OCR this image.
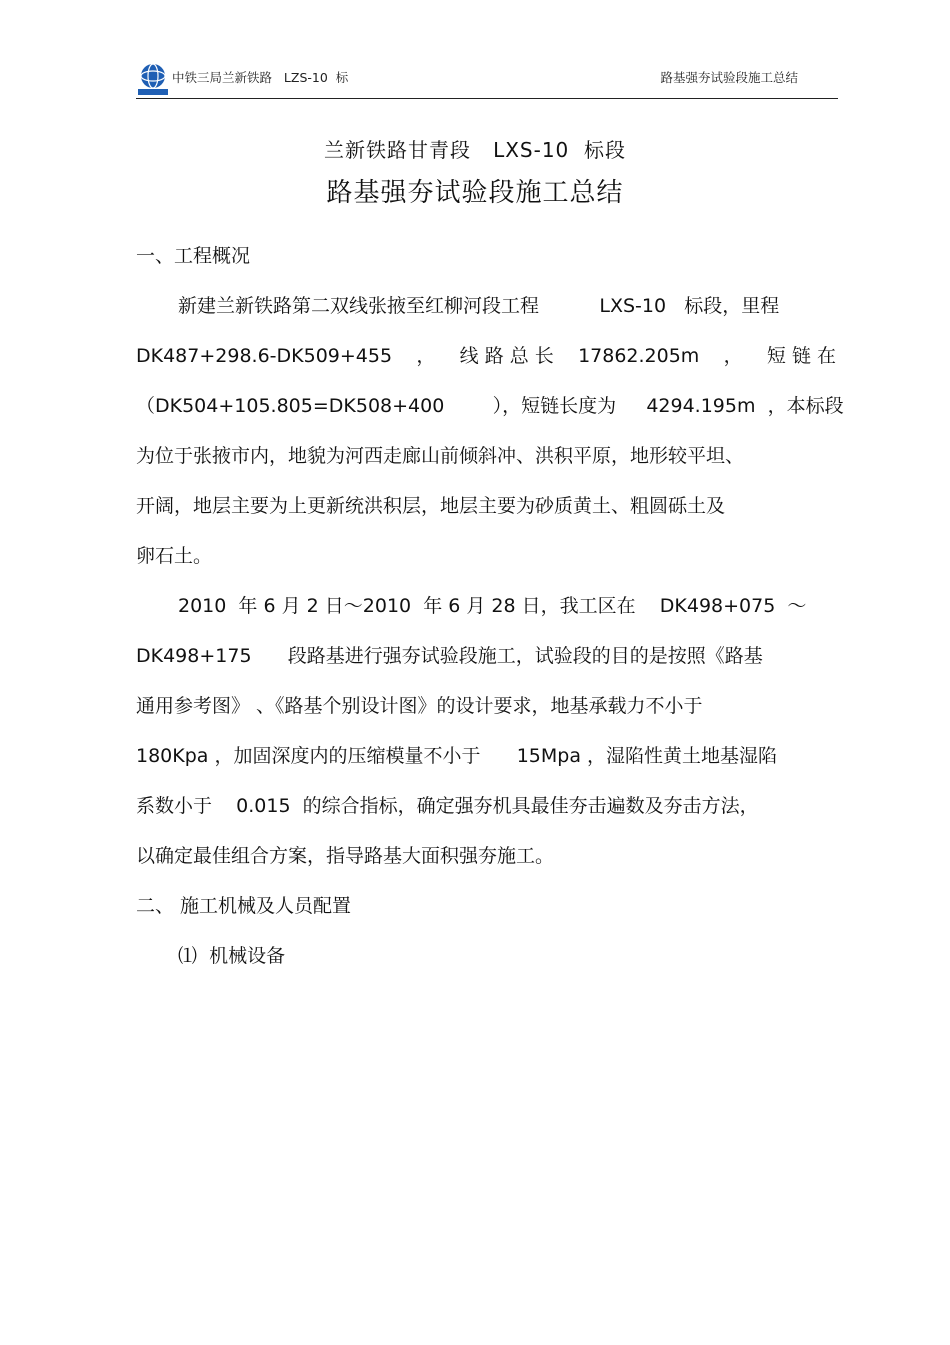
中铁三局兰新铁路   LZS-10  标	路基强夯试验段施工总结
兰新铁路甘青段   LXS-10  标段
路基强夯试验段施工总结
一、工程概况
新建兰新铁路第二双线张掖至红柳河段工程          LXS-10   标段，里程
DK487+298.6-DK509+455 ， 线 路 总 长 17862.205m ， 短 链 在
（DK504+105.805=DK508+400        ），短链长度为     4294.195m  ，本标段
为位于张掖市内，地貌为河西走廊山前倾斜冲、洪积平原，地形较平坦、
开阔，地层主要为上更新统洪积层，地层主要为砂质黄土、粗圆砾土及
卵石土。
2010  年 6 月 2 日～2010  年 6 月 28 日，我工区在    DK498+075  ～
DK498+175      段路基进行强夯试验段施工，试验段的目的是按照《路基
通用参考图》 、《路基个别设计图》的设计要求，地基承载力不小于
180Kpa ，加固深度内的压缩模量不小于      15Mpa ，湿陷性黄土地基湿陷
系数小于    0.015  的综合指标，确定强夯机具最佳夯击遍数及夯击方法，
以确定最佳组合方案，指导路基大面积强夯施工。
二、 施工机械及人员配置
⑴  机械设备
